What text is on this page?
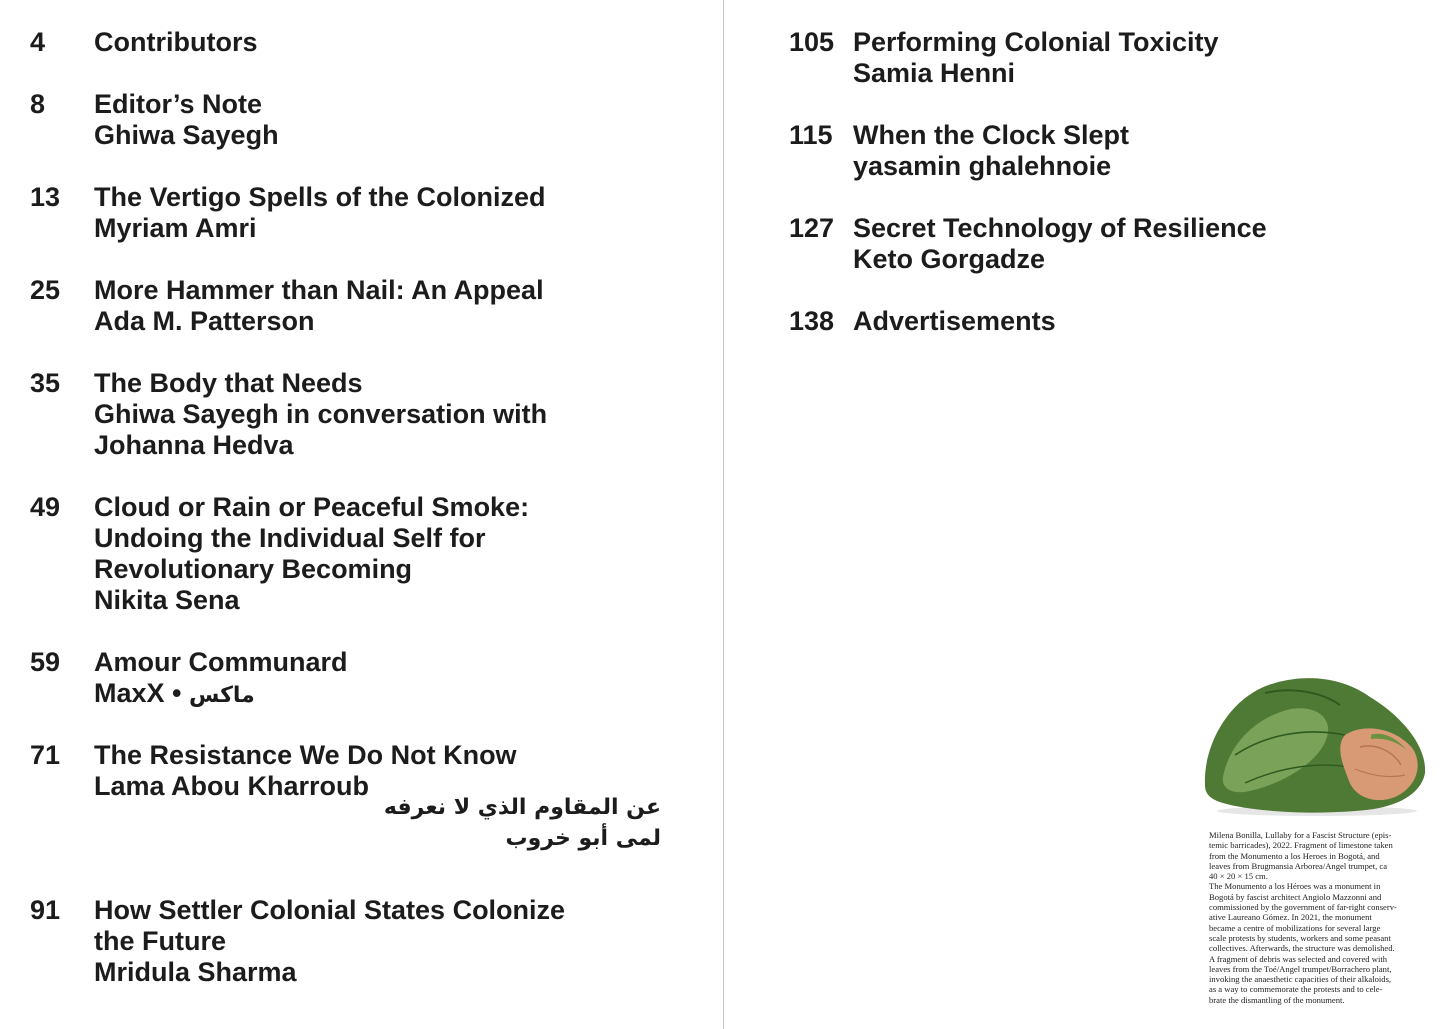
4 Contributors
8 Editor’s Note
Ghiwa Sayegh
13 The Vertigo Spells of the Colonized
Myriam Amri
25 More Hammer than Nail: An Appeal
Ada M. Patterson
35 The Body that Needs
Ghiwa Sayegh in conversation with
Johanna Hedva
49 Cloud or Rain or Peaceful Smoke:
Undoing the Individual Self for
Revolutionary Becoming
Nikita Sena
59 Amour Communard
MaxX • ماكس
71 The Resistance We Do Not Know
Lama Abou Kharroub
عن المقاوم الذي لا نعرفه
لمى أبو خروب
91 How Settler Colonial States Colonize
the Future
Mridula Sharma
105 Performing Colonial Toxicity
Samia Henni
115 When the Clock Slept
yasamin ghalehnoie
127 Secret Technology of Resilience
Keto Gorgadze
138 Advertisements

Milena Bonilla, Lullaby for a Fascist Structure (epis-

temic barricades), 2022. Fragment of limestone taken

from the Monumento a los Heroes in Bogotá, and

leaves from Brugmansia Arborea/Angel trumpet, ca

40 × 20 × 15 cm.

The Monumento a los Héroes was a monument in

Bogotá by fascist architect Angiolo Mazzonni and

commissioned by the government of far-right conserv-

ative Laureano Gómez. In 2021, the monument

became a centre of mobilizations for several large

scale protests by students, workers and some peasant

collectives. Afterwards, the structure was demolished.

A fragment of debris was selected and covered with

leaves from the Toé/Angel trumpet/Borrachero plant,

invoking the anaesthetic capacities of their alkaloids,

as a way to commemorate the protests and to cele-

brate the dismantling of the monument.
